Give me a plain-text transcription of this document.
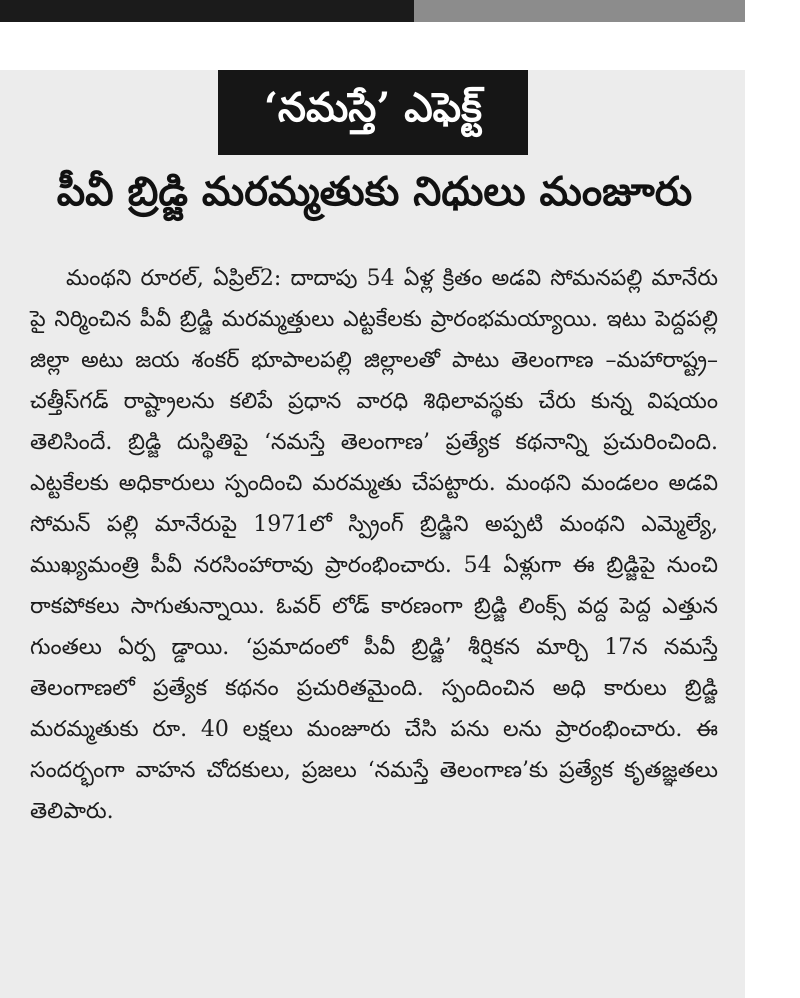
‘నమస్తే’ ఎఫెక్ట్
పీవీ బ్రిడ్జి మరమ్మతుకు నిధులు మంజూరు

మంథని రూరల్, ఏప్రిల్2: దాదాపు 54 ఏళ్ల క్రితం అడవి సోమనపల్లి మానేరు పై నిర్మించిన పీవీ బ్రిడ్జి మరమ్మత్తులు ఎట్టకేలకు ప్రారంభమయ్యాయి. ఇటు పెద్దపల్లి జిల్లా అటు జయ శంకర్ భూపాలపల్లి జిల్లాలతో పాటు తెలంగాణ –మహారాష్ట్ర– చత్తీస్‌గడ్ రాష్ట్రాలను కలిపే ప్రధాన వారధి శిథిలావస్థకు చేరు కున్న విషయం తెలిసిందే. బ్రిడ్జి దుస్థితిపై ‘నమస్తే తెలంగాణ’ ప్రత్యేక కథనాన్ని ప్రచురించింది. ఎట్టకేలకు అధికారులు స్పందించి మరమ్మతు చేపట్టారు. మంథని మండలం అడవి సోమన్ పల్లి మానేరుపై 1971లో స్ప్రింగ్ బ్రిడ్జిని అప్పటి మంథని ఎమ్మెల్యే, ముఖ్యమంత్రి పీవీ నరసింహారావు ప్రారంభించారు. 54 ఏళ్లుగా ఈ బ్రిడ్జిపై నుంచి రాకపోకలు సాగుతున్నాయి. ఓవర్ లోడ్ కారణంగా బ్రిడ్జి లింక్స్ వద్ద పెద్ద ఎత్తున గుంతలు ఏర్ప డ్డాయి. ‘ప్రమాదంలో పీవీ బ్రిడ్జి’ శీర్షికన మార్చి 17న నమస్తే తెలంగాణలో ప్రత్యేక కథనం ప్రచురితమైంది. స్పందించిన అధి కారులు బ్రిడ్జి మరమ్మతుకు రూ. 40 లక్షలు మంజూరు చేసి పను లను ప్రారంభించారు. ఈ సందర్భంగా వాహన చోదకులు, ప్రజలు ‘నమస్తే తెలంగాణ’కు ప్రత్యేక కృతజ్ఞతలు తెలిపారు.
